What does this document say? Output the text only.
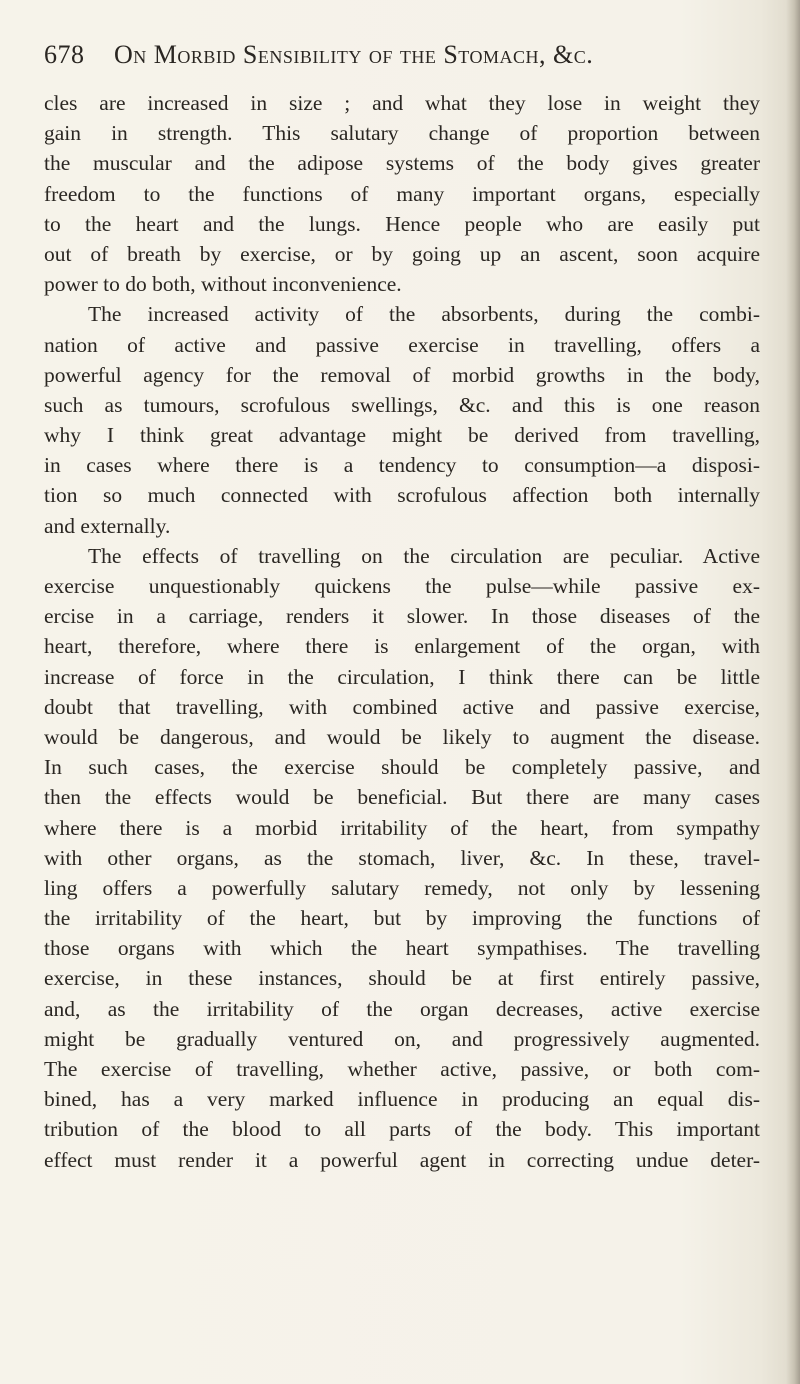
678 On Morbid Sensibility of the Stomach, &c.
cles are increased in size ; and what they lose in weight they
gain in strength. This salutary change of proportion between
the muscular and the adipose systems of the body gives greater
freedom to the functions of many important organs, especially
to the heart and the lungs. Hence people who are easily put
out of breath by exercise, or by going up an ascent, soon acquire
power to do both, without inconvenience.
The increased activity of the absorbents, during the combi-
nation of active and passive exercise in travelling, offers a
powerful agency for the removal of morbid growths in the body,
such as tumours, scrofulous swellings, &c. and this is one reason
why I think great advantage might be derived from travelling,
in cases where there is a tendency to consumption—a disposi-
tion so much connected with scrofulous affection both internally
and externally.
The effects of travelling on the circulation are peculiar. Active
exercise unquestionably quickens the pulse—while passive ex-
ercise in a carriage, renders it slower. In those diseases of the
heart, therefore, where there is enlargement of the organ, with
increase of force in the circulation, I think there can be little
doubt that travelling, with combined active and passive exercise,
would be dangerous, and would be likely to augment the disease.
In such cases, the exercise should be completely passive, and
then the effects would be beneficial. But there are many cases
where there is a morbid irritability of the heart, from sympathy
with other organs, as the stomach, liver, &c. In these, travel-
ling offers a powerfully salutary remedy, not only by lessening
the irritability of the heart, but by improving the functions of
those organs with which the heart sympathises. The travelling
exercise, in these instances, should be at first entirely passive,
and, as the irritability of the organ decreases, active exercise
might be gradually ventured on, and progressively augmented.
The exercise of travelling, whether active, passive, or both com-
bined, has a very marked influence in producing an equal dis-
tribution of the blood to all parts of the body. This important
effect must render it a powerful agent in correcting undue deter-
